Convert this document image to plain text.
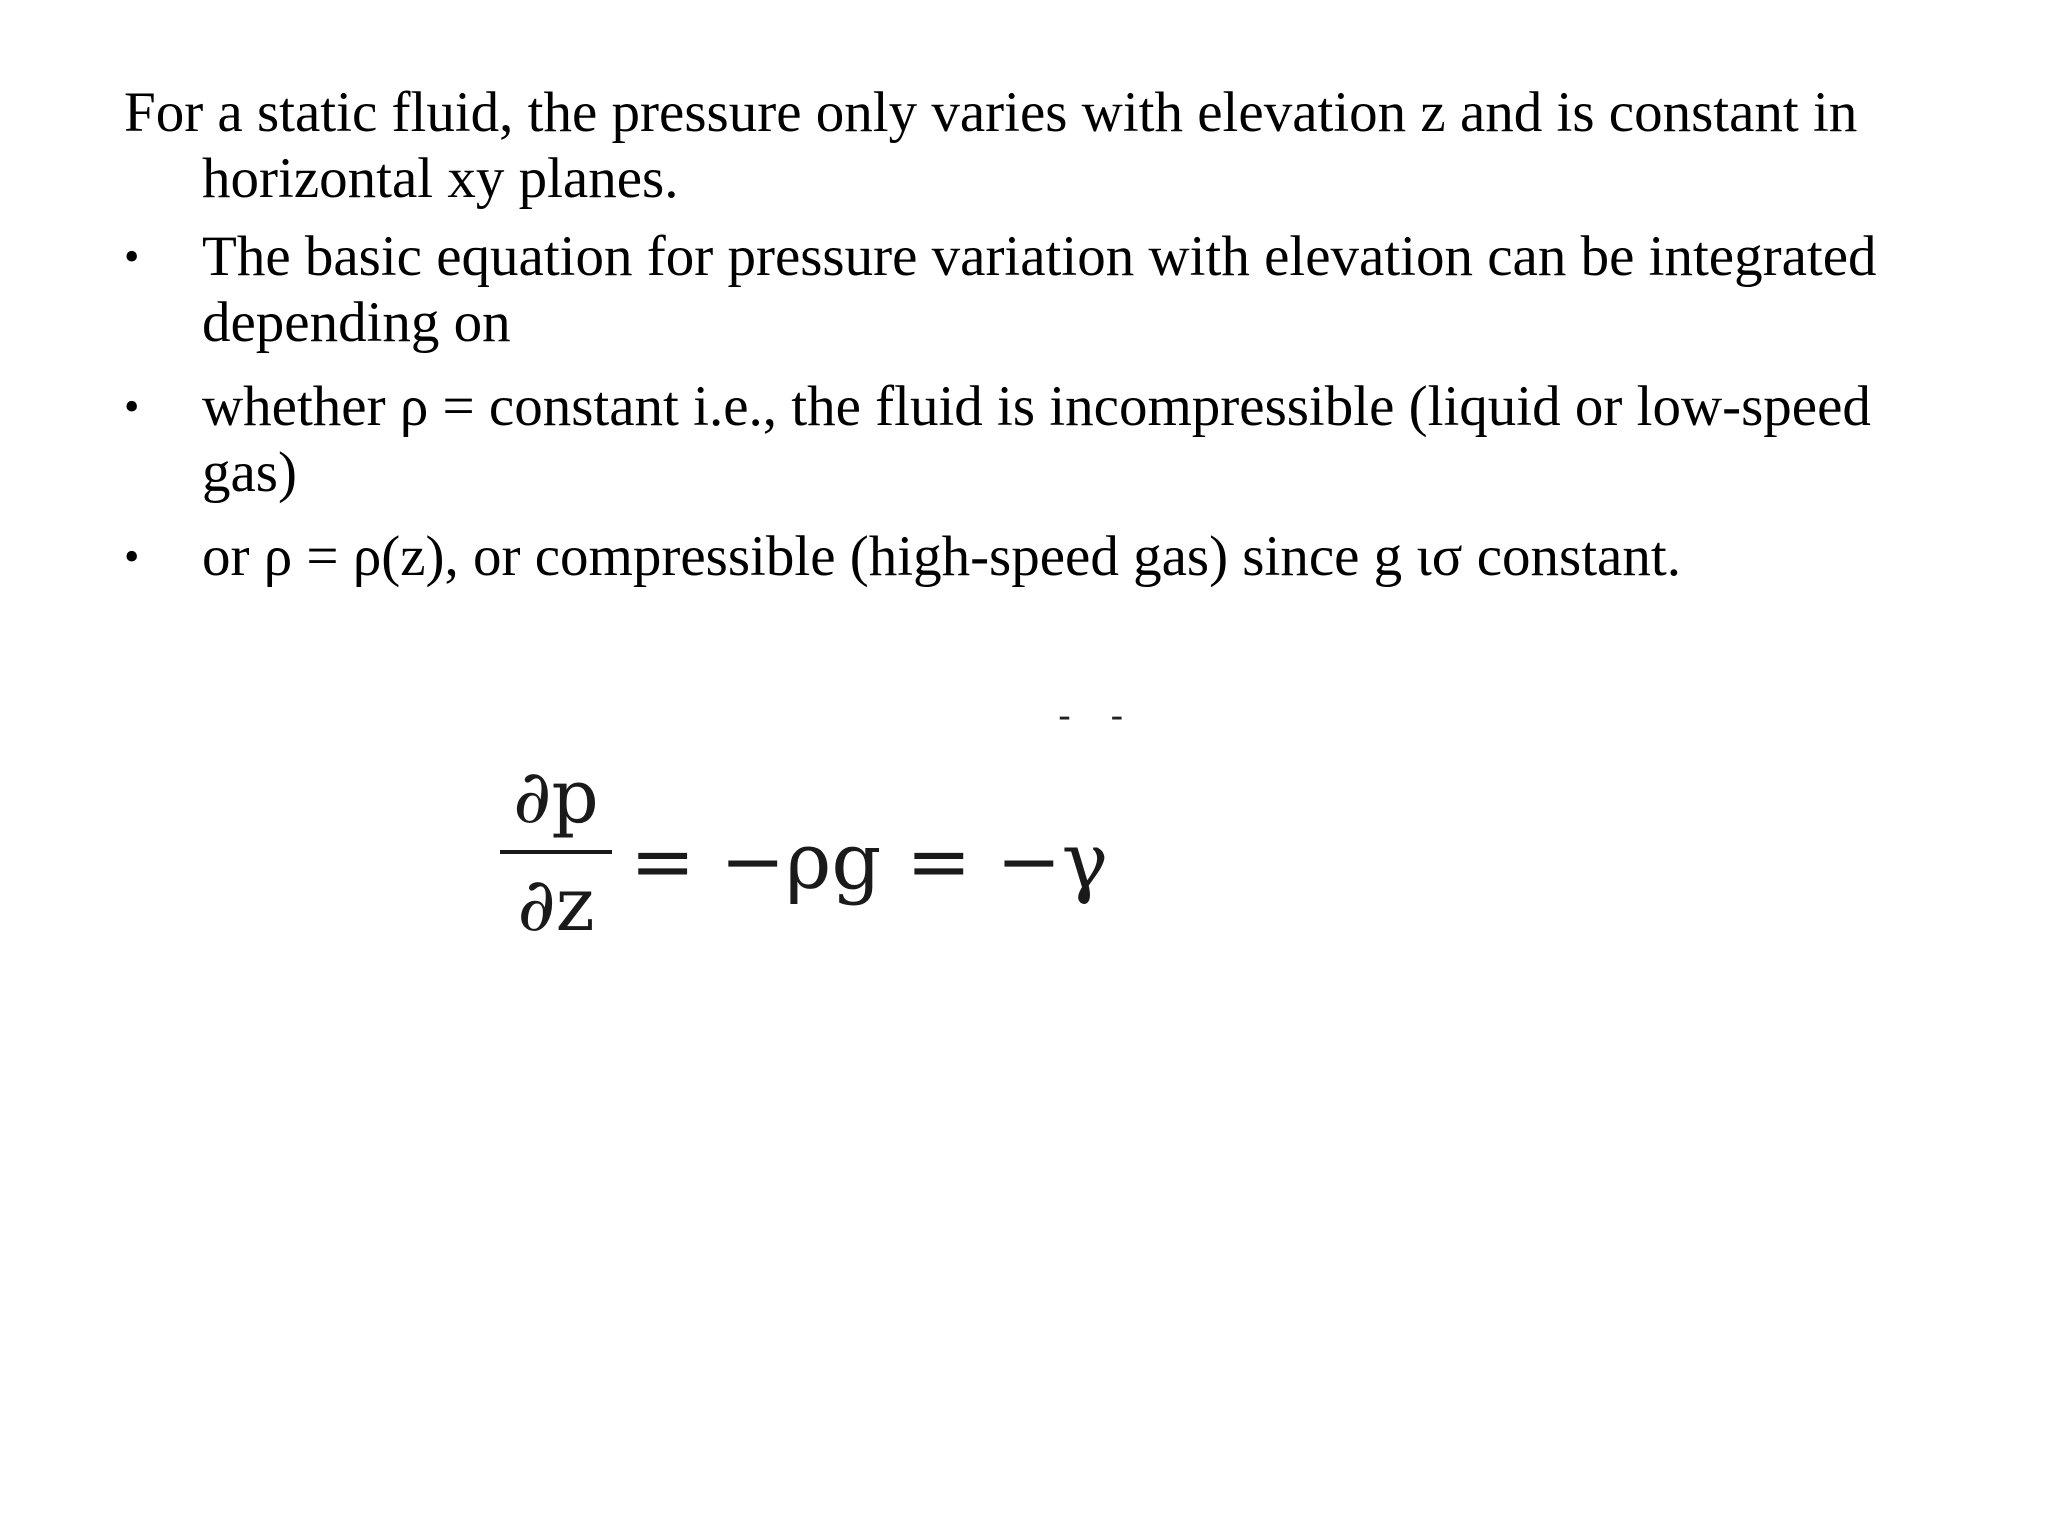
For a static fluid, the pressure only varies with elevation z and is constant in
horizontal xy planes.
•	The basic equation for pressure variation with elevation can be integrated
depending on
•	whether ρ = constant i.e., the fluid is incompressible (liquid or low-speed
gas)
•	or ρ = ρ(z), or compressible (high-speed gas) since g ισ constant.
- -
∂p
∂z = −ρg = −γ
